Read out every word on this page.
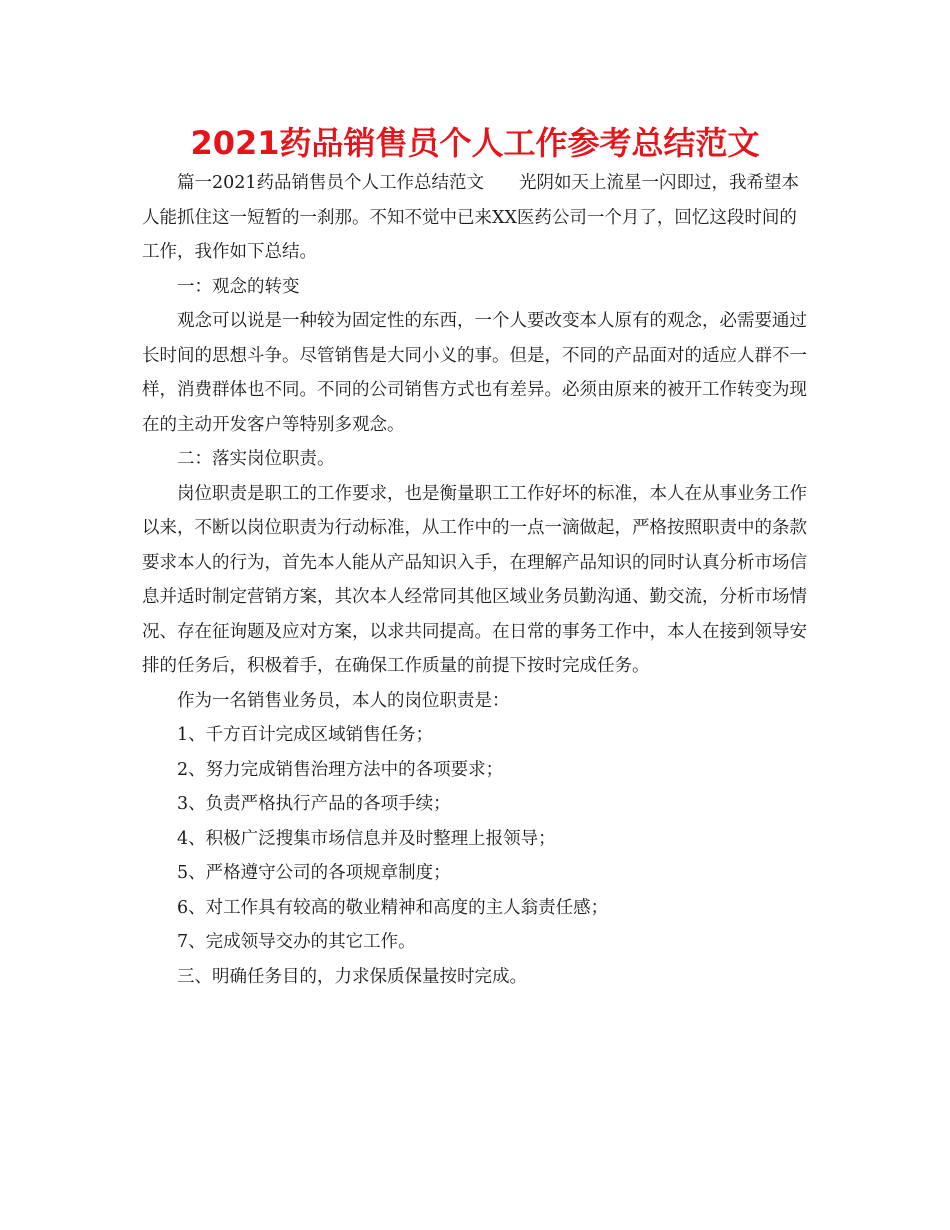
2021药品销售员个人工作参考总结范文

篇一2021药品销售员个人工作总结范文　　光阴如天上流星一闪即过，我希望本人能抓住这一短暂的一刹那。不知不觉中已来XX医药公司一个月了，回忆这段时间的工作，我作如下总结。

一：观念的转变

观念可以说是一种较为固定性的东西，一个人要改变本人原有的观念，必需要通过长时间的思想斗争。尽管销售是大同小义的事。但是，不同的产品面对的适应人群不一样，消费群体也不同。不同的公司销售方式也有差异。必须由原来的被开工作转变为现在的主动开发客户等特别多观念。

二：落实岗位职责。

岗位职责是职工的工作要求，也是衡量职工工作好坏的标准，本人在从事业务工作以来，不断以岗位职责为行动标准，从工作中的一点一滴做起，严格按照职责中的条款要求本人的行为，首先本人能从产品知识入手，在理解产品知识的同时认真分析市场信息并适时制定营销方案，其次本人经常同其他区域业务员勤沟通、勤交流，分析市场情况、存在征询题及应对方案，以求共同提高。在日常的事务工作中，本人在接到领导安排的任务后，积极着手，在确保工作质量的前提下按时完成任务。

作为一名销售业务员，本人的岗位职责是：

1、千方百计完成区域销售任务；

2、努力完成销售治理方法中的各项要求；

3、负责严格执行产品的各项手续；

4、积极广泛搜集市场信息并及时整理上报领导；

5、严格遵守公司的各项规章制度；

6、对工作具有较高的敬业精神和高度的主人翁责任感；

7、完成领导交办的其它工作。

三、明确任务目的，力求保质保量按时完成。
